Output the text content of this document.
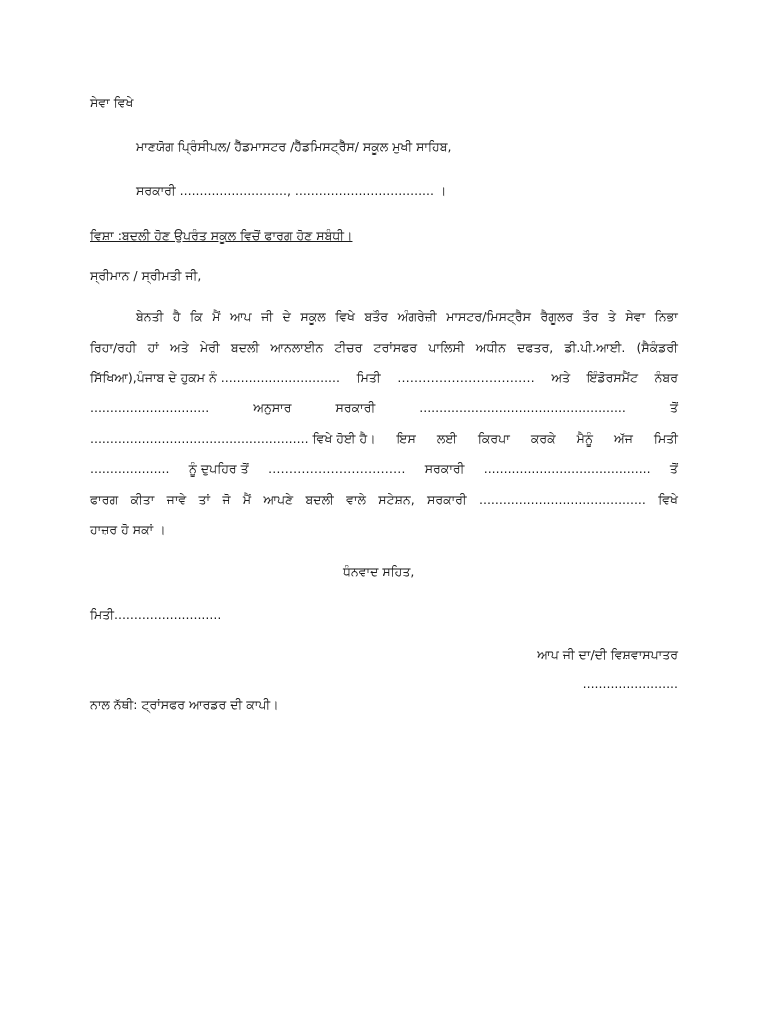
ਸੇਵਾ ਵਿਖੇ
ਮਾਣਯੋਗ ਪ੍ਰਿੰਸੀਪਲ/ ਹੈੱਡਮਾਸਟਰ /ਹੈੱਡਮਿਸਟ੍ਰੈੱਸ/ ਸਕੂਲ ਮੁਖੀ ਸਾਹਿਬ,
ਸਰਕਾਰੀ ..........................., ................................... ।
ਵਿਸ਼ਾ :ਬਦਲੀ ਹੋਣ ਉਪਰੰਤ ਸਕੂਲ ਵਿਚੋਂ ਫਾਰਗ ਹੋਣ ਸਬੰਧੀ।
ਸ੍ਰੀਮਾਨ / ਸ੍ਰੀਮਤੀ ਜੀ,
ਬੇਨਤੀ ਹੈ ਕਿ ਮੈਂ ਆਪ ਜੀ ਦੇ ਸਕੂਲ ਵਿਖੇ ਬਤੌਰ ਅੰਗਰੇਜ਼ੀ ਮਾਸਟਰ/ਮਿਸਟ੍ਰੈਸ ਰੈਗੂਲਰ ਤੌਰ ਤੇ ਸੇਵਾ ਨਿਭਾ
ਰਿਹਾ/ਰਹੀ ਹਾਂ ਅਤੇ ਮੇਰੀ ਬਦਲੀ ਆਨਲਾਈਨ ਟੀਚਰ ਟਰਾਂਸਫਰ ਪਾਲਿਸੀ ਅਧੀਨ ਦਫਤਰ, ਡੀ.ਪੀ.ਆਈ. (ਸੈਕੰਡਰੀ
ਸਿੱਖਿਆ),ਪੰਜਾਬ ਦੇ ਹੁਕਮ ਨੰ .............................. ਮਿਤੀ …………………………… ਅਤੇ ਇੰਡੋਰਸਮੈਂਟ ਨੰਬਰ
..............................	ਅਨੁਸਾਰ	ਸਰਕਾਰੀ	....................................................	ਤੋਂ
....................................................... ਵਿਖੇ ਹੋਈ ਹੈ। ਇਸ ਲਈ ਕਿਰਪਾ ਕਰਕੇ ਮੈਨੂੰ ਅੱਜ ਮਿਤੀ
.................... ਨੂੰ ਦੁਪਹਿਰ ਤੋਂ …………………………… ਸਰਕਾਰੀ .......................................... ਤੋਂ
ਫਾਰਗ ਕੀਤਾ ਜਾਵੇ ਤਾਂ ਜੋ ਮੈਂ ਆਪਣੇ ਬਦਲੀ ਵਾਲੇ ਸਟੇਸ਼ਨ, ਸਰਕਾਰੀ .......................................... ਵਿਖੇ
ਹਾਜ਼ਰ ਹੋ ਸਕਾਂ ।
ਧੰਨਵਾਦ ਸਹਿਤ,
ਮਿਤੀ...........................
ਆਪ ਜੀ ਦਾ/ਦੀ ਵਿਸ਼ਵਾਸਪਾਤਰ
........................
ਨਾਲ ਨੱਥੀ: ਟ੍ਰਾਂਸਫਰ ਆਰਡਰ ਦੀ ਕਾਪੀ।
